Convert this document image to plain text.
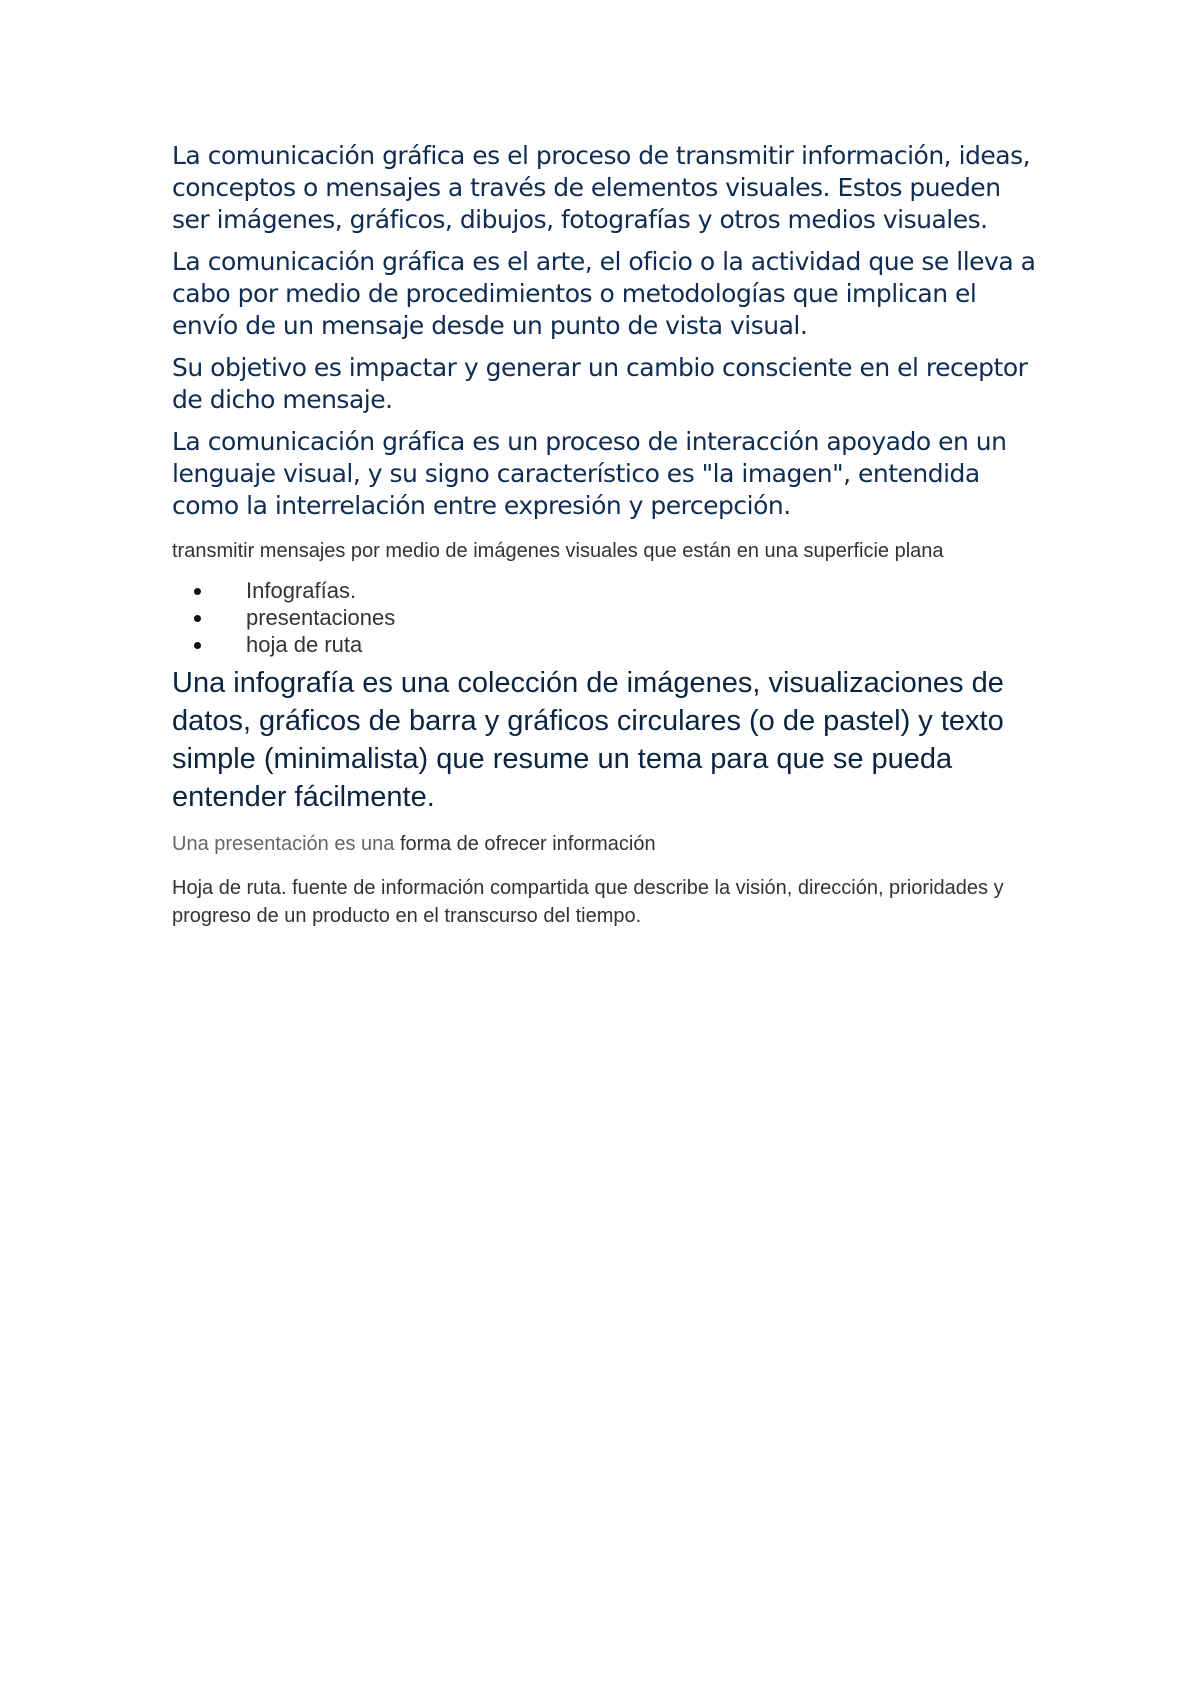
La comunicación gráfica es el proceso de transmitir información, ideas, conceptos o mensajes a través de elementos visuales. Estos pueden ser imágenes, gráficos, dibujos, fotografías y otros medios visuales.

La comunicación gráfica es el arte, el oficio o la actividad que se lleva a cabo por medio de procedimientos o metodologías que implican el envío de un mensaje desde un punto de vista visual.

Su objetivo es impactar y generar un cambio consciente en el receptor de dicho mensaje.

La comunicación gráfica es un proceso de interacción apoyado en un lenguaje visual, y su signo característico es "la imagen", entendida como la interrelación entre expresión y percepción.

transmitir mensajes por medio de imágenes visuales que están en una superficie plana

Infografías.
presentaciones
hoja de ruta

Una infografía es una colección de imágenes, visualizaciones de datos, gráficos de barra y gráficos circulares (o de pastel) y texto simple (minimalista) que resume un tema para que se pueda entender fácilmente.

Una presentación es una forma de ofrecer información

Hoja de ruta. fuente de información compartida que describe la visión, dirección, prioridades y progreso de un producto en el transcurso del tiempo.
